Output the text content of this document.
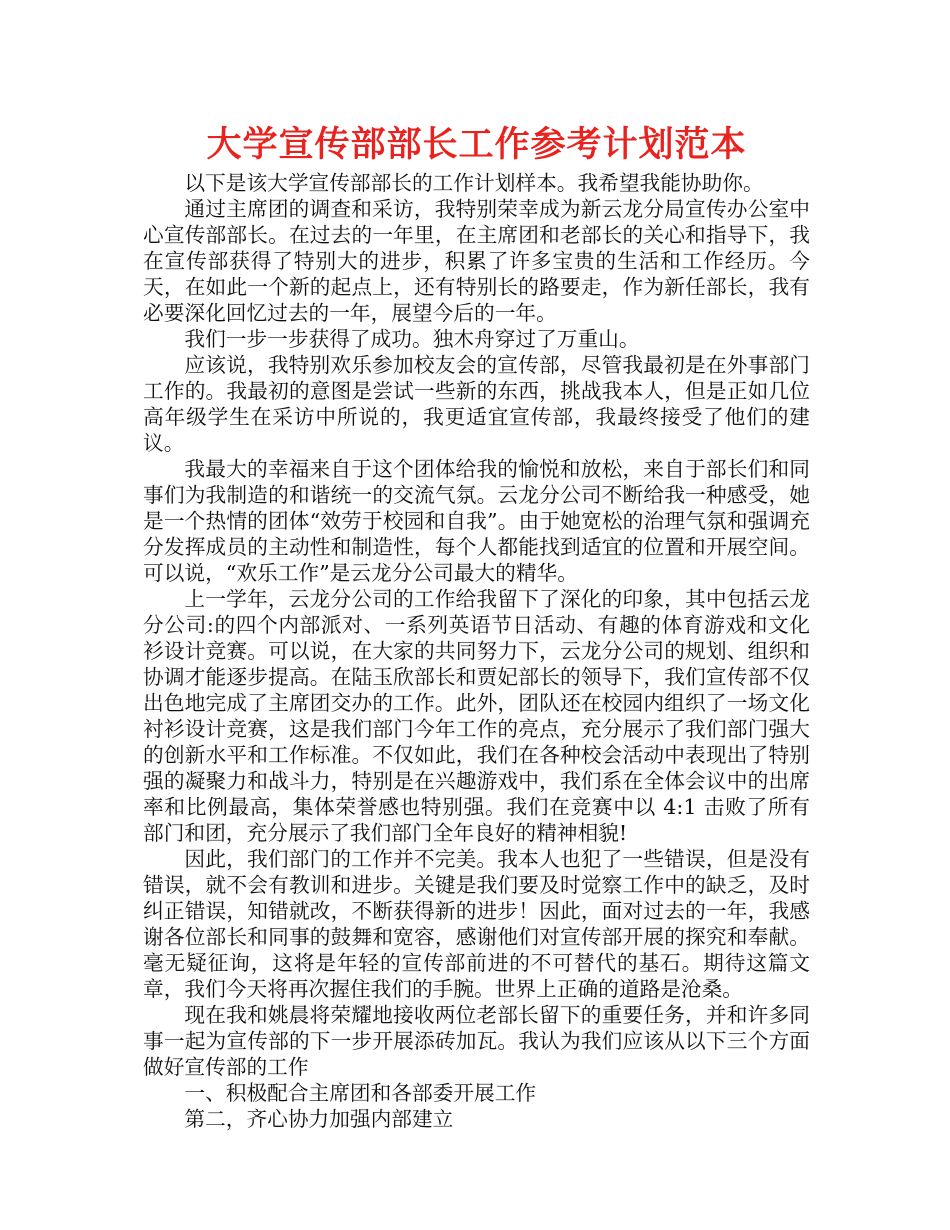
大学宣传部部长工作参考计划范本

以下是该大学宣传部部长的工作计划样本。我希望我能协助你。

通过主席团的调查和采访，我特别荣幸成为新云龙分局宣传办公室中心宣传部部长。在过去的一年里，在主席团和老部长的关心和指导下，我在宣传部获得了特别大的进步，积累了许多宝贵的生活和工作经历。今天，在如此一个新的起点上，还有特别长的路要走，作为新任部长，我有必要深化回忆过去的一年，展望今后的一年。

我们一步一步获得了成功。独木舟穿过了万重山。

应该说，我特别欢乐参加校友会的宣传部，尽管我最初是在外事部门工作的。我最初的意图是尝试一些新的东西，挑战我本人，但是正如几位高年级学生在采访中所说的，我更适宜宣传部，我最终接受了他们的建议。

我最大的幸福来自于这个团体给我的愉悦和放松，来自于部长们和同事们为我制造的和谐统一的交流气氛。云龙分公司不断给我一种感受，她是一个热情的团体“效劳于校园和自我”。由于她宽松的治理气氛和强调充分发挥成员的主动性和制造性，每个人都能找到适宜的位置和开展空间。可以说，“欢乐工作”是云龙分公司最大的精华。

上一学年，云龙分公司的工作给我留下了深化的印象，其中包括云龙分公司:的四个内部派对、一系列英语节日活动、有趣的体育游戏和文化衫设计竞赛。可以说，在大家的共同努力下，云龙分公司的规划、组织和协调才能逐步提高。在陆玉欣部长和贾妃部长的领导下，我们宣传部不仅出色地完成了主席团交办的工作。此外，团队还在校园内组织了一场文化衬衫设计竞赛，这是我们部门今年工作的亮点，充分展示了我们部门强大的创新水平和工作标准。不仅如此，我们在各种校会活动中表现出了特别强的凝聚力和战斗力，特别是在兴趣游戏中，我们系在全体会议中的出席率和比例最高，集体荣誉感也特别强。我们在竞赛中以 4:1 击败了所有部门和团，充分展示了我们部门全年良好的精神相貌!

因此，我们部门的工作并不完美。我本人也犯了一些错误，但是没有错误，就不会有教训和进步。关键是我们要及时觉察工作中的缺乏，及时纠正错误，知错就改，不断获得新的进步！因此，面对过去的一年，我感谢各位部长和同事的鼓舞和宽容，感谢他们对宣传部开展的探究和奉献。毫无疑征询，这将是年轻的宣传部前进的不可替代的基石。期待这篇文章，我们今天将再次握住我们的手腕。世界上正确的道路是沧桑。

现在我和姚晨将荣耀地接收两位老部长留下的重要任务，并和许多同事一起为宣传部的下一步开展添砖加瓦。我认为我们应该从以下三个方面做好宣传部的工作

一、积极配合主席团和各部委开展工作

第二，齐心协力加强内部建立
